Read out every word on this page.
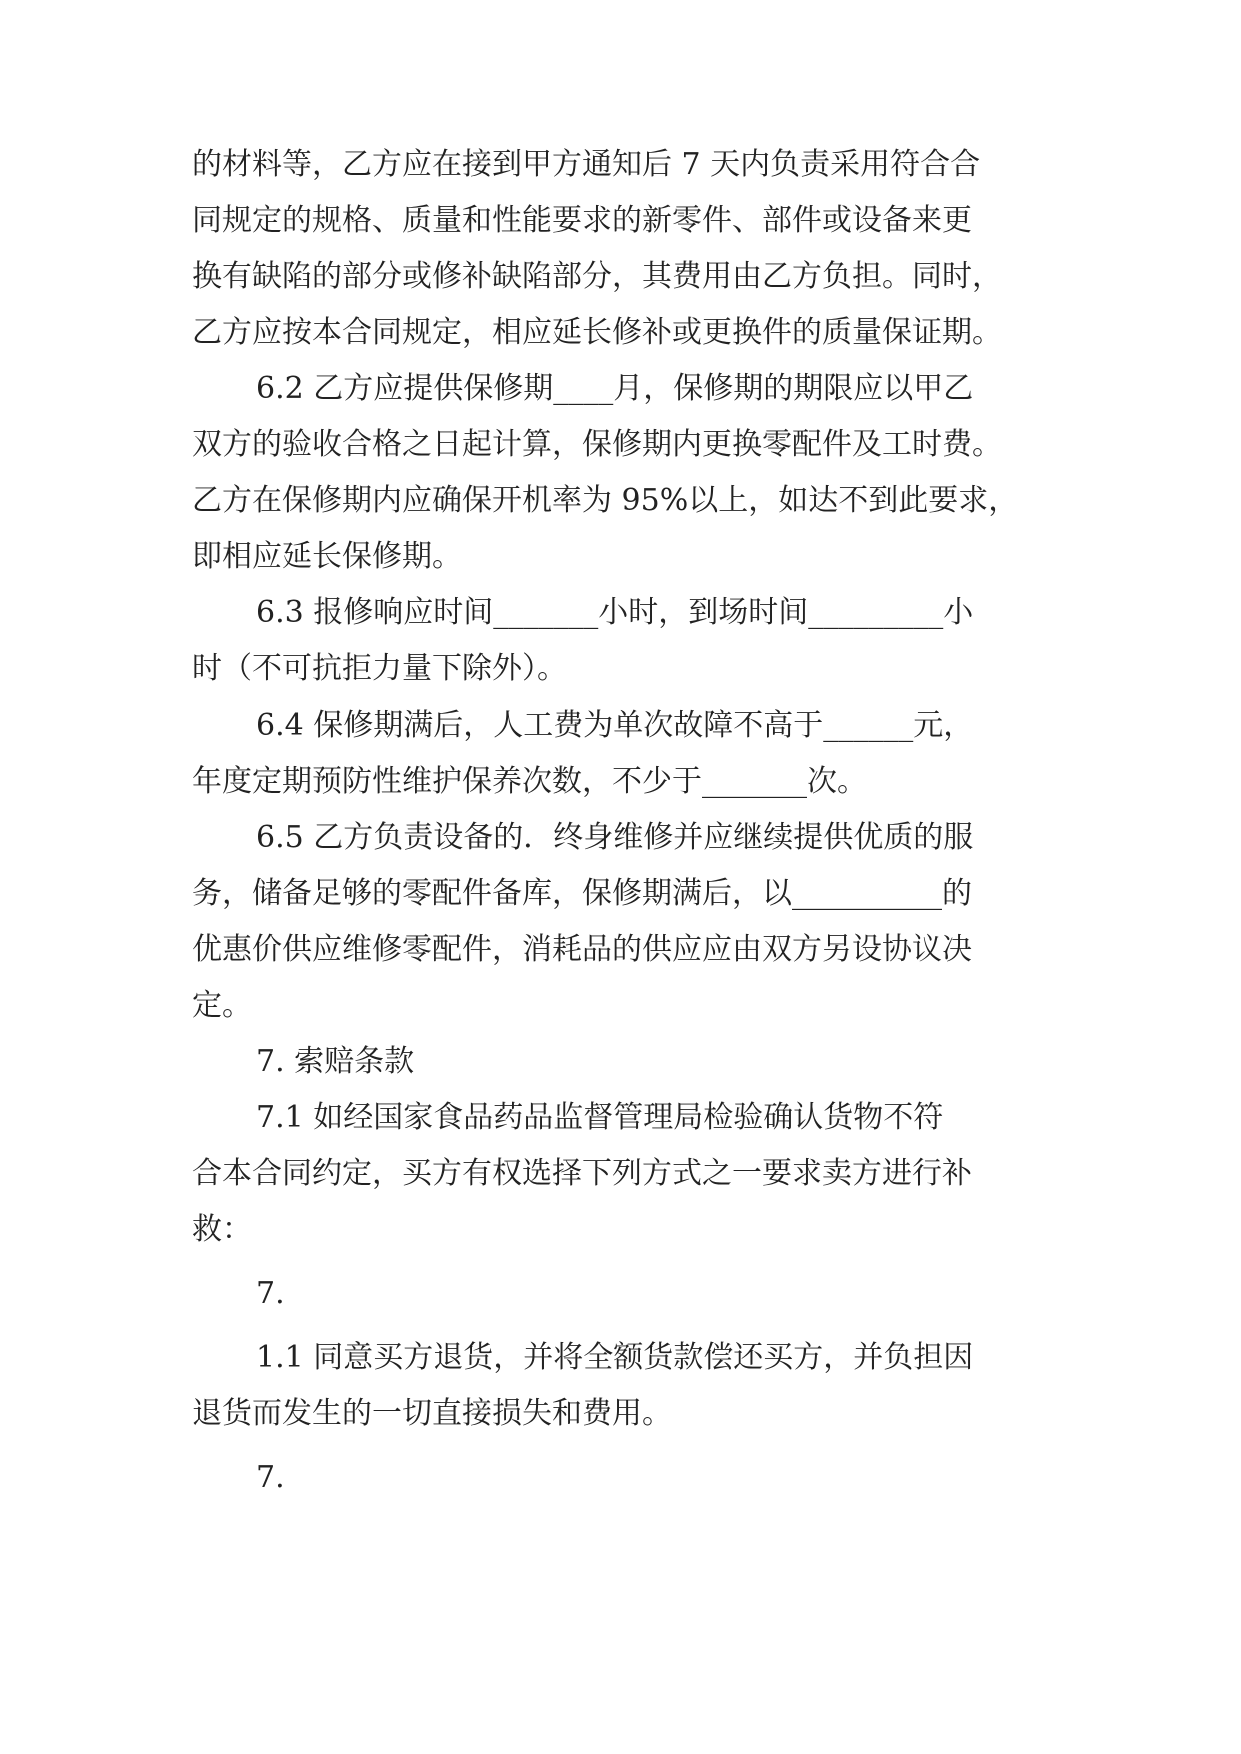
的材料等，乙方应在接到甲方通知后 7 天内负责采用符合合
同规定的规格、质量和性能要求的新零件、部件或设备来更
换有缺陷的部分或修补缺陷部分，其费用由乙方负担。同时，
乙方应按本合同规定，相应延长修补或更换件的质量保证期。
6.2 乙方应提供保修期____月，保修期的期限应以甲乙
双方的验收合格之日起计算，保修期内更换零配件及工时费。
乙方在保修期内应确保开机率为 95%以上，如达不到此要求，
即相应延长保修期。
6.3 报修响应时间_______小时，到场时间_________小
时（不可抗拒力量下除外）。
6.4 保修期满后，人工费为单次故障不高于______元，
年度定期预防性维护保养次数，不少于_______次。
6.5 乙方负责设备的．终身维修并应继续提供优质的服
务，储备足够的零配件备库，保修期满后，以__________的
优惠价供应维修零配件，消耗品的供应应由双方另设协议决
定。
7. 索赔条款
7.1 如经国家食品药品监督管理局检验确认货物不符
合本合同约定，买方有权选择下列方式之一要求卖方进行补
救：
7.
1.1 同意买方退货，并将全额货款偿还买方，并负担因
退货而发生的一切直接损失和费用。
7.
